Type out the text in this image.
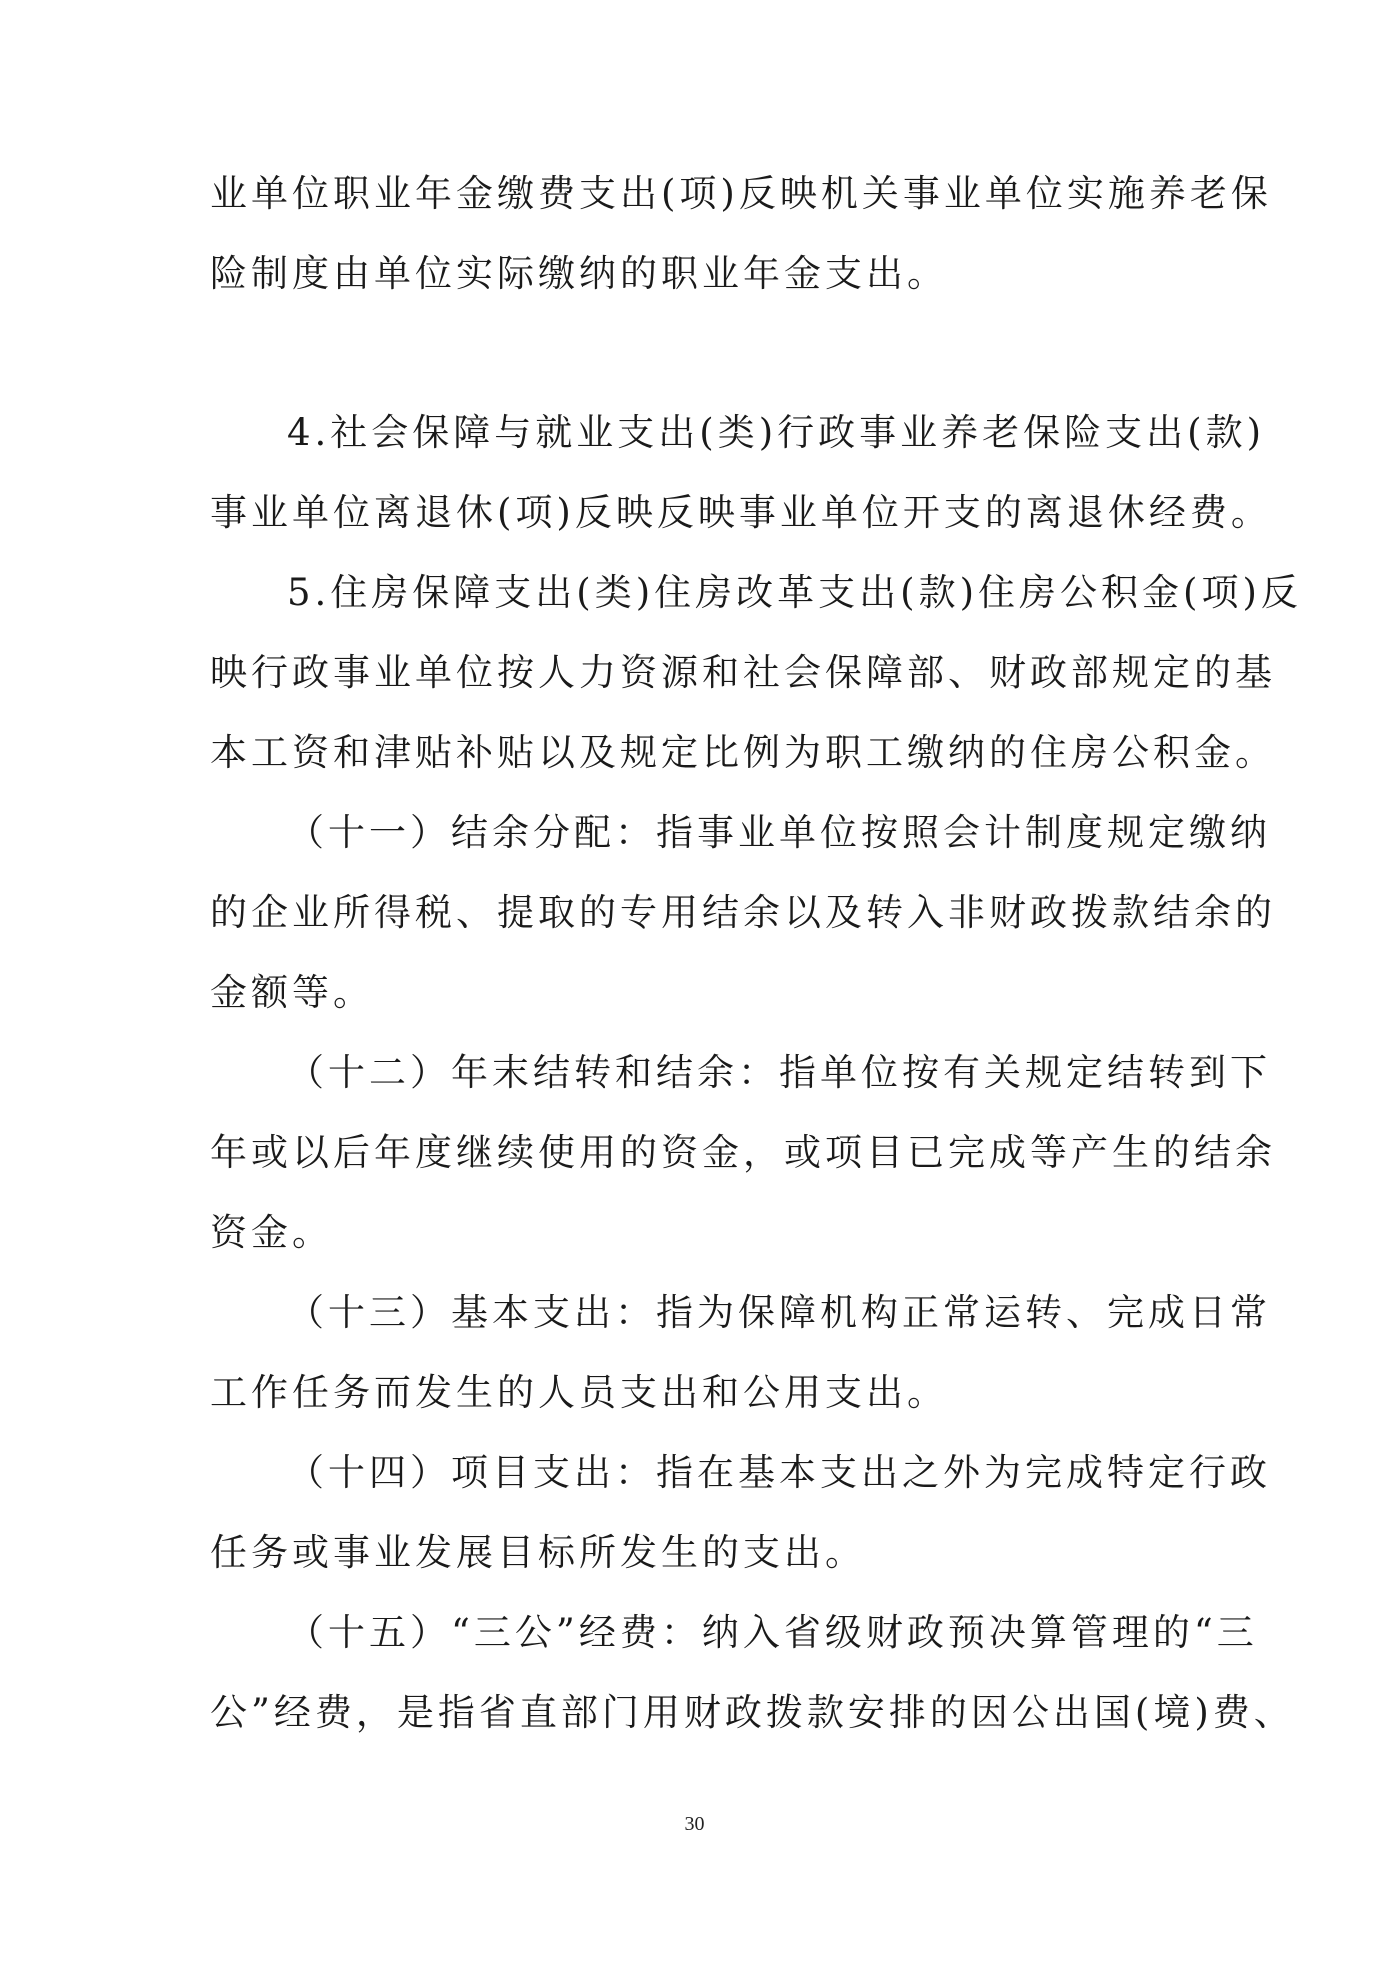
业单位职业年金缴费支出(项)反映机关事业单位实施养老保
险制度由单位实际缴纳的职业年金支出。
4.社会保障与就业支出(类)行政事业养老保险支出(款)
事业单位离退休(项)反映反映事业单位开支的离退休经费。
5.住房保障支出(类)住房改革支出(款)住房公积金(项)反
映行政事业单位按人力资源和社会保障部、财政部规定的基
本工资和津贴补贴以及规定比例为职工缴纳的住房公积金。
（十一）结余分配：指事业单位按照会计制度规定缴纳
的企业所得税、提取的专用结余以及转入非财政拨款结余的
金额等。
（十二）年末结转和结余：指单位按有关规定结转到下
年或以后年度继续使用的资金，或项目已完成等产生的结余
资金。
（十三）基本支出：指为保障机构正常运转、完成日常
工作任务而发生的人员支出和公用支出。
（十四）项目支出：指在基本支出之外为完成特定行政
任务或事业发展目标所发生的支出。
（十五）“三公”经费：纳入省级财政预决算管理的“三
公”经费，是指省直部门用财政拨款安排的因公出国(境)费、
30
